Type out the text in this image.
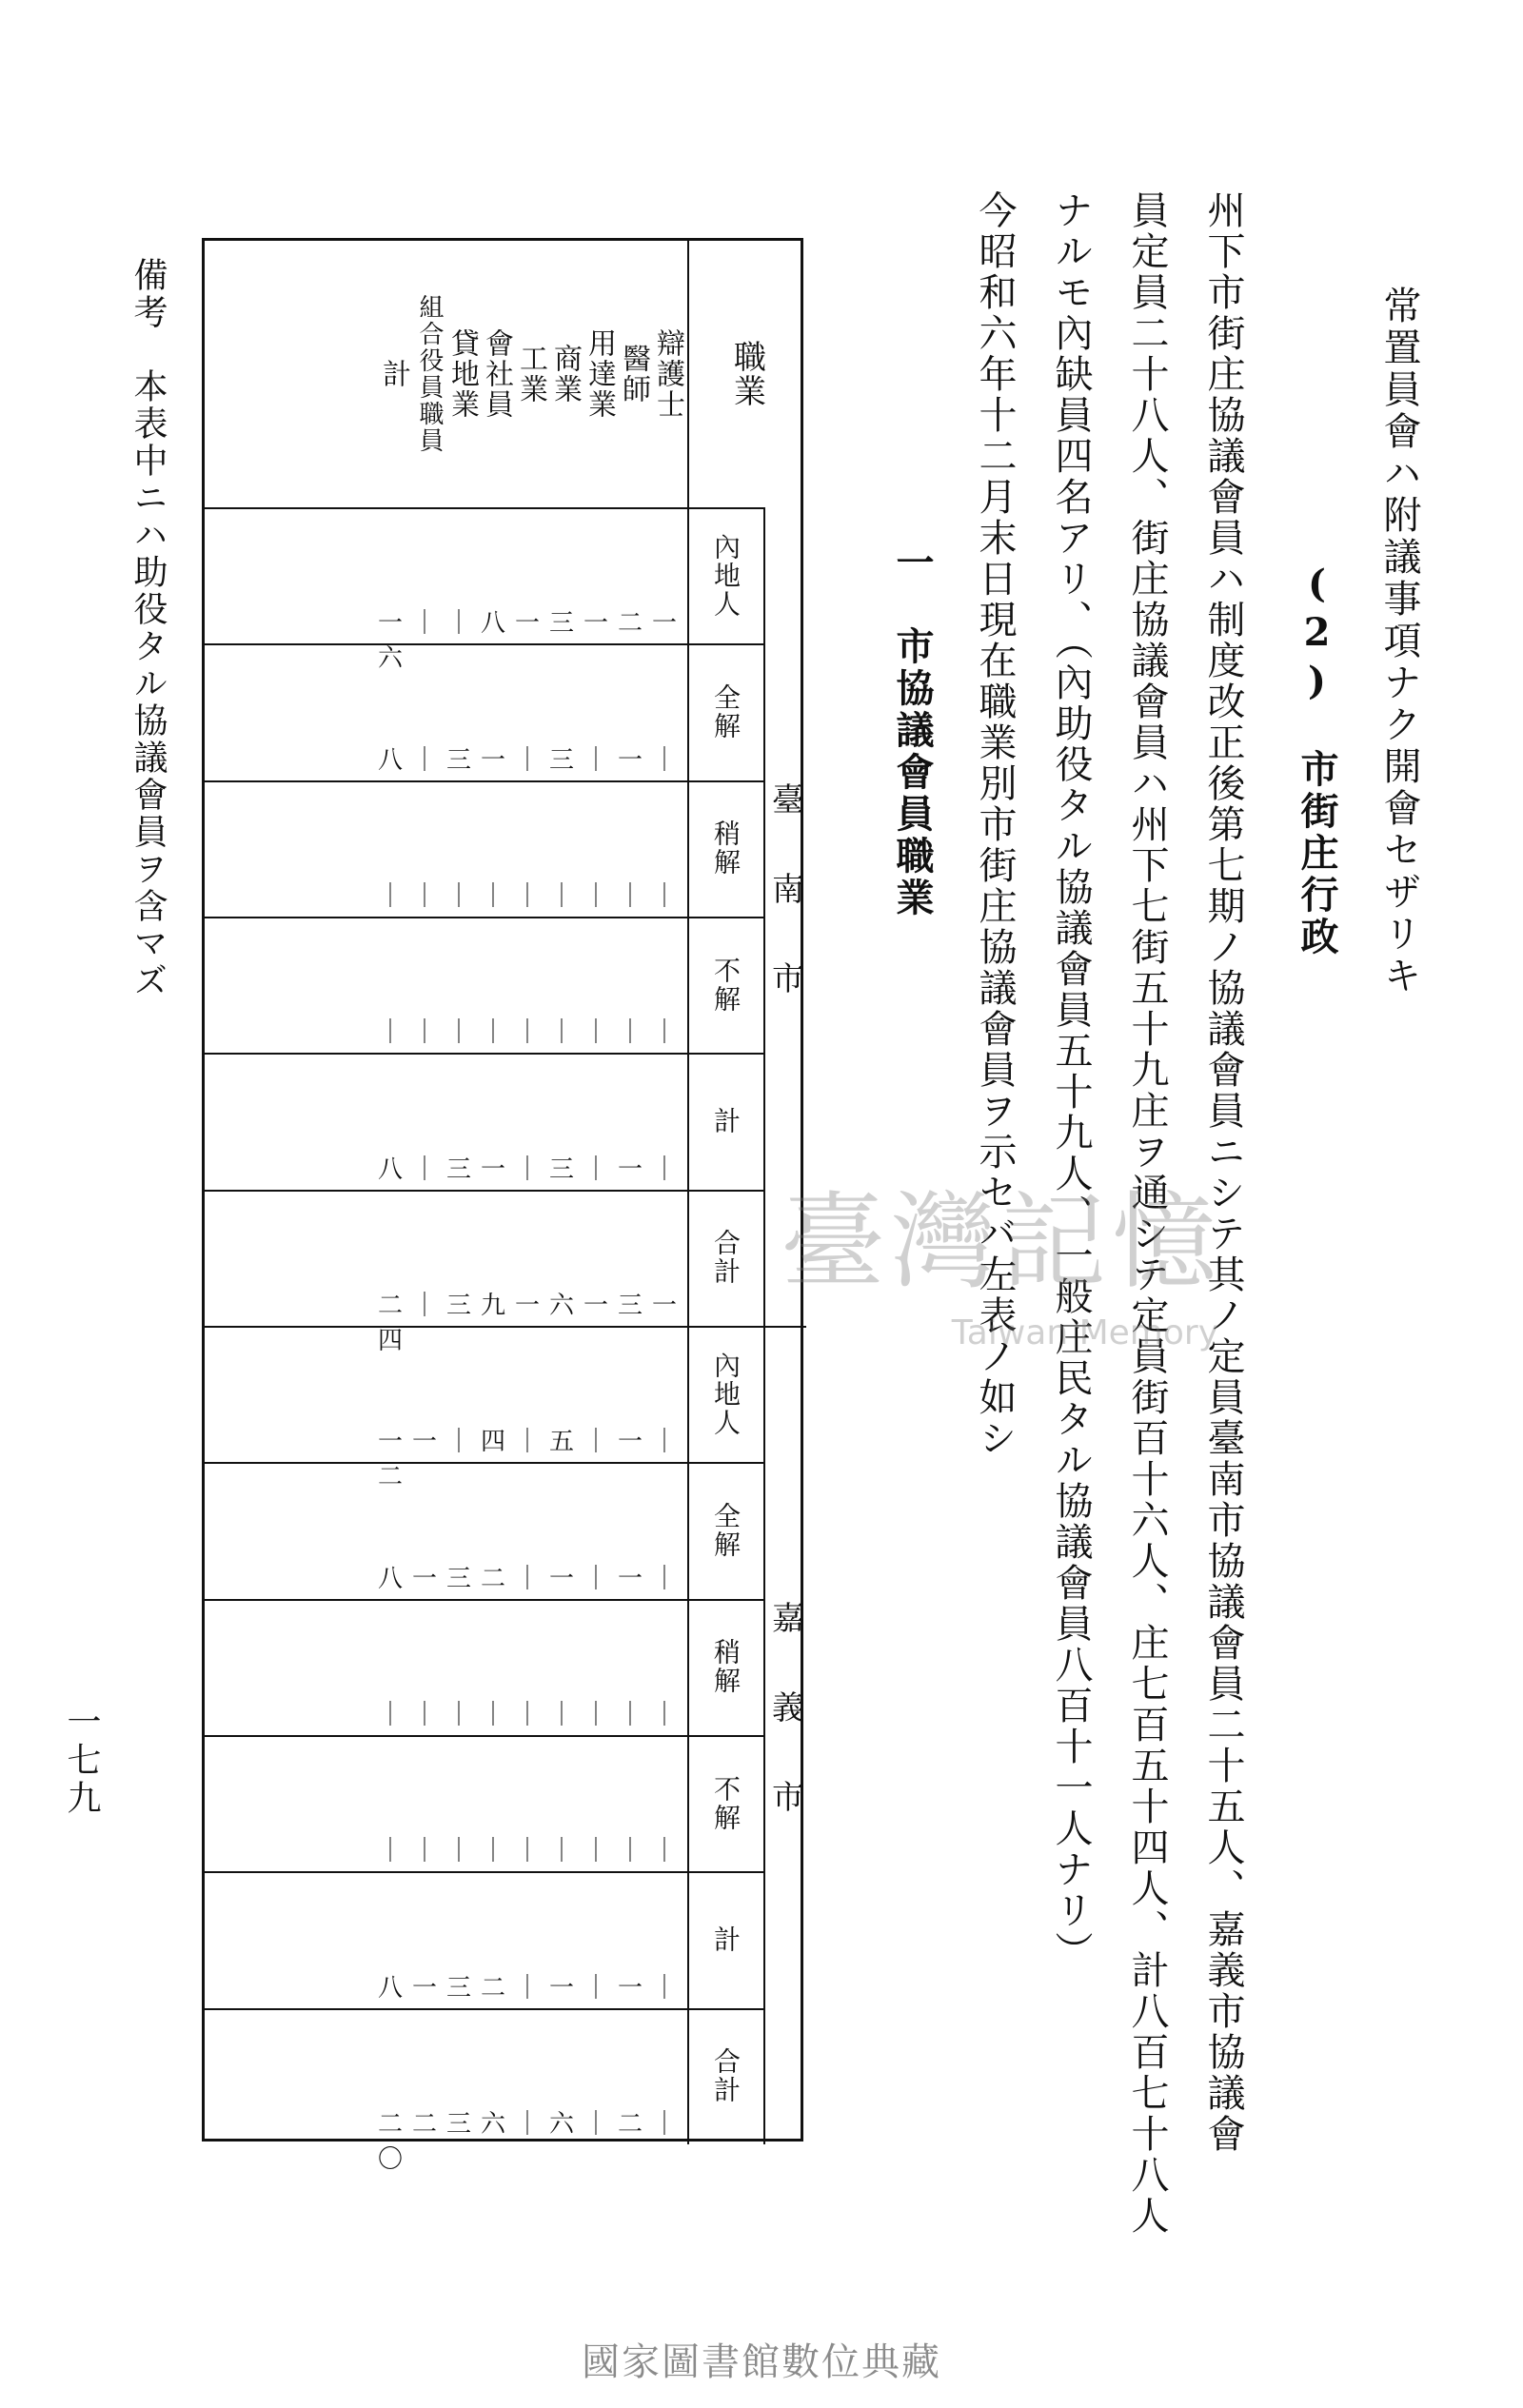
常置員會ハ附議事項ナク開會セザリキ
(2)　市街庄行政
州下市街庄協議會員ハ制度改正後第七期ノ協議會員ニシテ其ノ定員臺南市協議會員二十五人、嘉義市協議會
員定員二十八人、街庄協議會員ハ州下七街五十九庄ヲ通シテ定員街百十六人、庄七百五十四人、計八百七十八人
ナルモ內缺員四名アリ、（內助役タル協議會員五十九人、一般庄民タル協議會員八百十一人ナリ）
今昭和六年十二月末日現在職業別市街庄協議會員ヲ示セバ左表ノ如シ
一　市協議會員職業
職業
辯護士
醫師
用達業
商業
工業
會社員
貸地業
組合役員職員
計
臺南市
內地人
一
二
一
三
一
八
｜
｜
一六
全解
｜
一
｜
三
｜
一
三
｜
八
稍解
｜
｜
｜
｜
｜
｜
｜
｜
｜
不解
｜
｜
｜
｜
｜
｜
｜
｜
｜
計
｜
一
｜
三
｜
一
三
｜
八
合計
一
三
一
六
一
九
三
｜
二四
嘉義市
內地人
｜
一
｜
五
｜
四
｜
一
一二
全解
｜
一
｜
一
｜
二
三
一
八
稍解
｜
｜
｜
｜
｜
｜
｜
｜
｜
不解
｜
｜
｜
｜
｜
｜
｜
｜
｜
計
｜
一
｜
一
｜
二
三
一
八
合計
｜
二
｜
六
｜
六
三
二
二〇
備考　本表中ニハ助役タル協議會員ヲ含マズ
一七九
臺灣記憶
Taiwan Memory
國家圖書館數位典藏
